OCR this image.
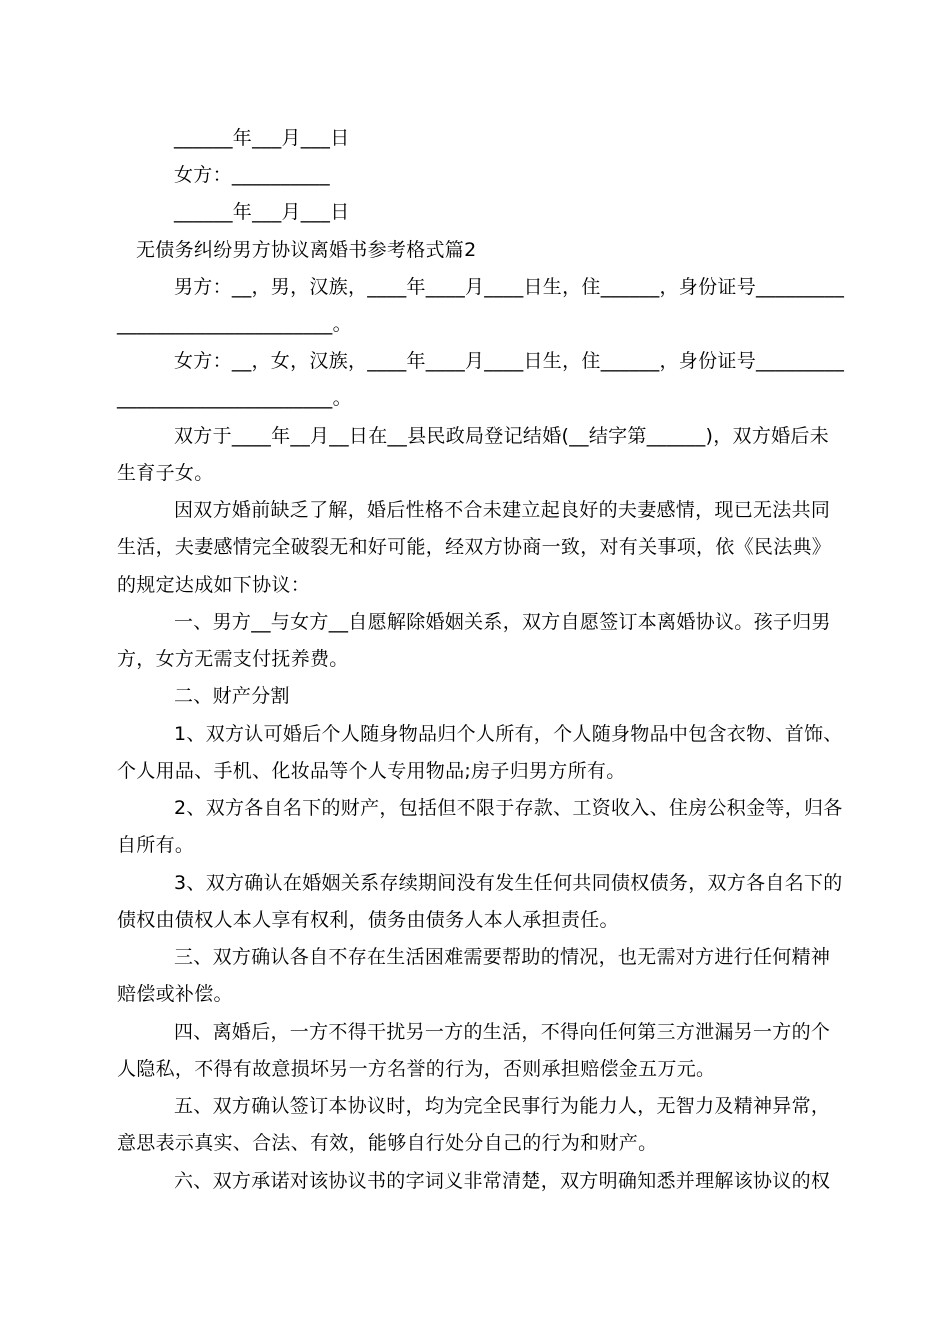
______年___月___日
女方：__________
______年___月___日
无债务纠纷男方协议离婚书参考格式篇2
男方：__，男，汉族，____年____月____日生，住______，身份证号_________
______________________。
女方：__，女，汉族，____年____月____日生，住______，身份证号_________
______________________。
双方于____年__月__日在__县民政局登记结婚(__结字第______)，双方婚后未
生育子女。
因双方婚前缺乏了解，婚后性格不合未建立起良好的夫妻感情，现已无法共同
生活，夫妻感情完全破裂无和好可能，经双方协商一致，对有关事项，依《民法典》
的规定达成如下协议：
一、男方__与女方__自愿解除婚姻关系，双方自愿签订本离婚协议。孩子归男
方，女方无需支付抚养费。
二、财产分割
1、双方认可婚后个人随身物品归个人所有，个人随身物品中包含衣物、首饰、
个人用品、手机、化妆品等个人专用物品;房子归男方所有。
2、双方各自名下的财产，包括但不限于存款、工资收入、住房公积金等，归各
自所有。
3、双方确认在婚姻关系存续期间没有发生任何共同债权债务，双方各自名下的
债权由债权人本人享有权利，债务由债务人本人承担责任。
三、双方确认各自不存在生活困难需要帮助的情况，也无需对方进行任何精神
赔偿或补偿。
四、离婚后，一方不得干扰另一方的生活，不得向任何第三方泄漏另一方的个
人隐私，不得有故意损坏另一方名誉的行为，否则承担赔偿金五万元。
五、双方确认签订本协议时，均为完全民事行为能力人，无智力及精神异常，
意思表示真实、合法、有效，能够自行处分自己的行为和财产。
六、双方承诺对该协议书的字词义非常清楚，双方明确知悉并理解该协议的权
